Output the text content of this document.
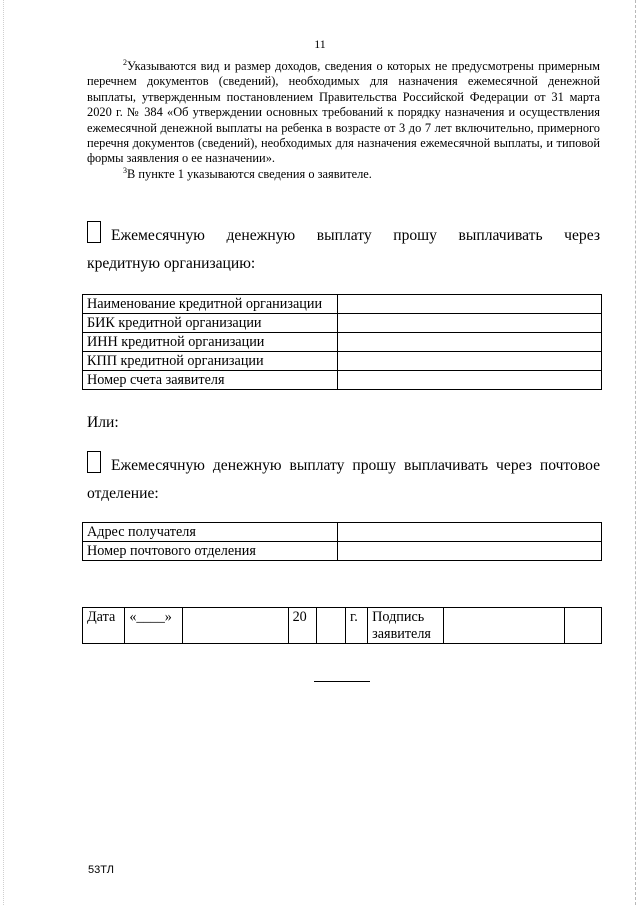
11

$^2$Указываются вид и размер доходов, сведения о которых не предусмотрены примерным перечнем документов (сведений), необходимых для назначения ежемесячной денежной выплаты, утвержденным постановлением Правительства Российской Федерации от 31 марта 2020 г. № 384 «Об утверждении основных требований к порядку назначения и осуществления ежемесячной денежной выплаты на ребенка в возрасте от 3 до 7 лет включительно, примерного перечня документов (сведений), необходимых для назначения ежемесячной выплаты, и типовой формы заявления о ее назначении».

$^3$В пункте 1 указываются сведения о заявителе.

Ежемесячную денежную выплату прошу выплачивать через
кредитную организацию:
Наименование кредитной организации	
БИК кредитной организации	
ИНН кредитной организации	
КПП кредитной организации	
Номер счета заявителя	
Или:
Ежемесячную денежную выплату прошу выплачивать через почтовое
отделение:
Адрес получателя	
Номер почтового отделения	
Дата	«____»		20		г.	Подпись
заявителя		
53ТЛ
